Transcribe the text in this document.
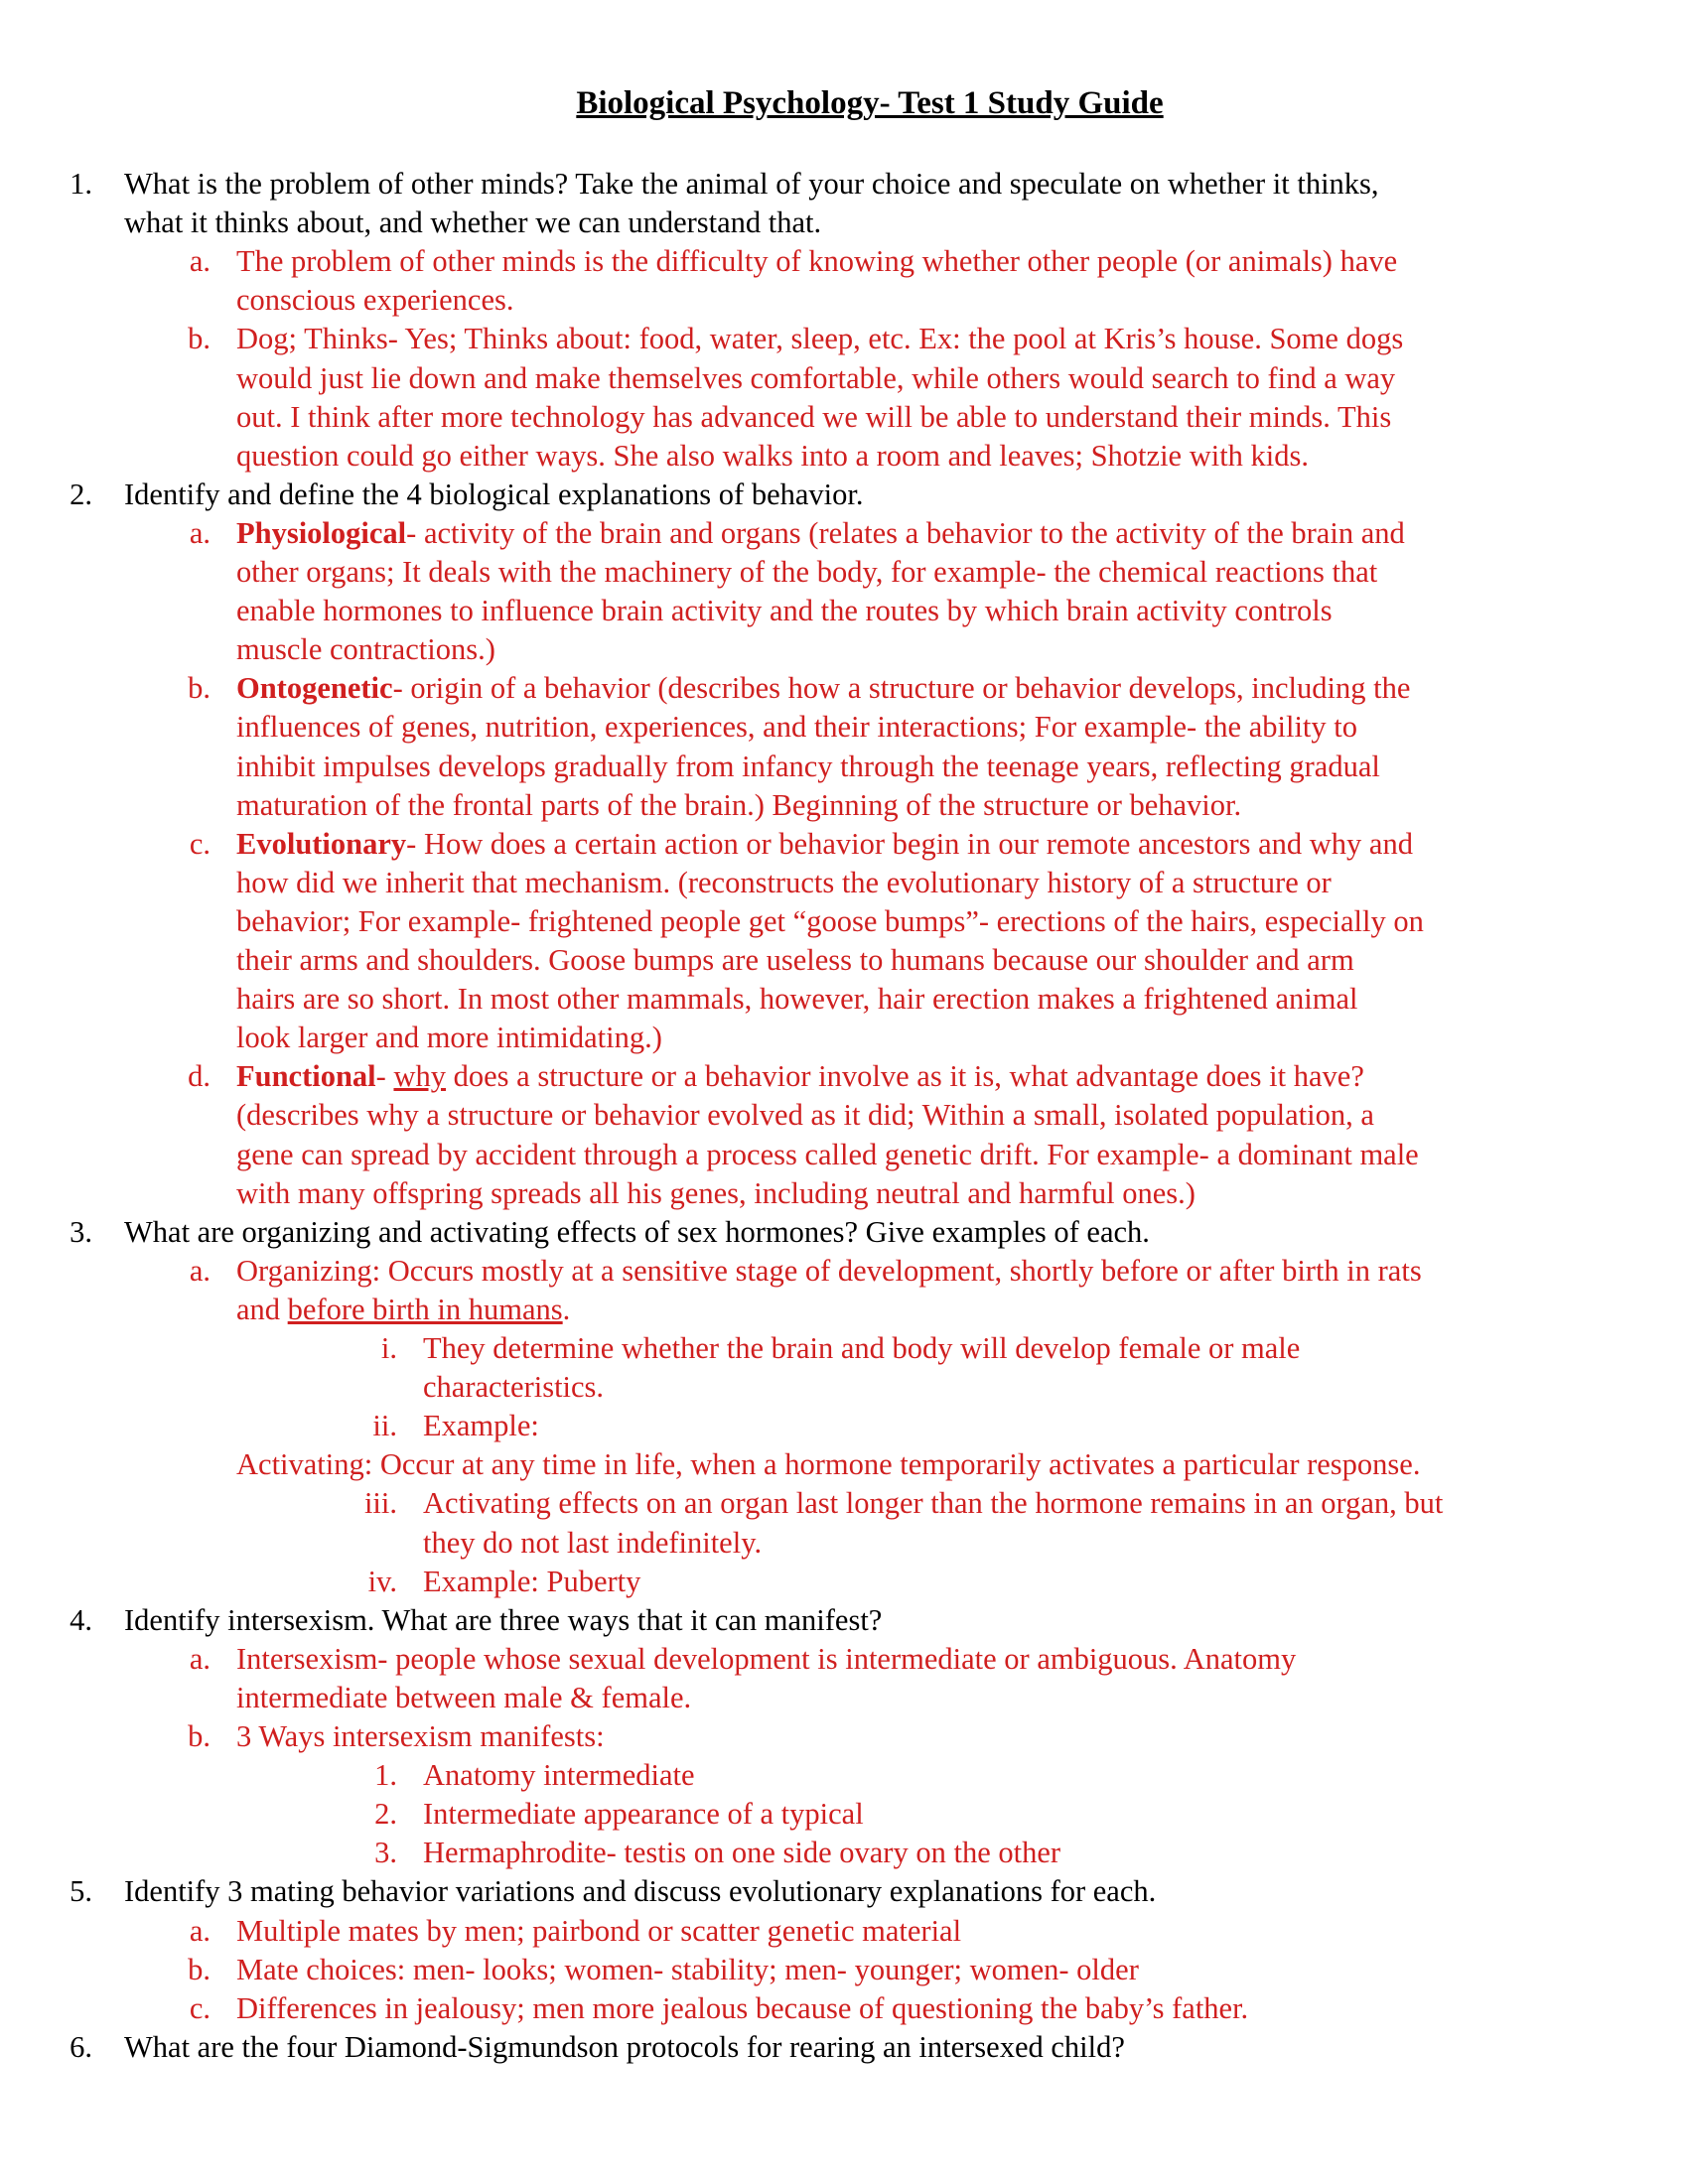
Biological Psychology- Test 1 Study Guide
1. What is the problem of other minds? Take the animal of your choice and speculate on whether it thinks,
what it thinks about, and whether we can understand that.
a. The problem of other minds is the difficulty of knowing whether other people (or animals) have
conscious experiences.
b. Dog; Thinks- Yes; Thinks about: food, water, sleep, etc. Ex: the pool at Kris’s house. Some dogs
would just lie down and make themselves comfortable, while others would search to find a way
out. I think after more technology has advanced we will be able to understand their minds. This
question could go either ways. She also walks into a room and leaves; Shotzie with kids.
2. Identify and define the 4 biological explanations of behavior.
a. Physiological- activity of the brain and organs (relates a behavior to the activity of the brain and
other organs; It deals with the machinery of the body, for example- the chemical reactions that
enable hormones to influence brain activity and the routes by which brain activity controls
muscle contractions.)
b. Ontogenetic- origin of a behavior (describes how a structure or behavior develops, including the
influences of genes, nutrition, experiences, and their interactions; For example- the ability to
inhibit impulses develops gradually from infancy through the teenage years, reflecting gradual
maturation of the frontal parts of the brain.) Beginning of the structure or behavior.
c. Evolutionary- How does a certain action or behavior begin in our remote ancestors and why and
how did we inherit that mechanism. (reconstructs the evolutionary history of a structure or
behavior; For example- frightened people get “goose bumps”- erections of the hairs, especially on
their arms and shoulders. Goose bumps are useless to humans because our shoulder and arm
hairs are so short. In most other mammals, however, hair erection makes a frightened animal
look larger and more intimidating.)
d. Functional- why does a structure or a behavior involve as it is, what advantage does it have?
(describes why a structure or behavior evolved as it did; Within a small, isolated population, a
gene can spread by accident through a process called genetic drift. For example- a dominant male
with many offspring spreads all his genes, including neutral and harmful ones.)
3. What are organizing and activating effects of sex hormones? Give examples of each.
a. Organizing: Occurs mostly at a sensitive stage of development, shortly before or after birth in rats
and before birth in humans.
i. They determine whether the brain and body will develop female or male
characteristics.
ii. Example:
Activating: Occur at any time in life, when a hormone temporarily activates a particular response.
iii. Activating effects on an organ last longer than the hormone remains in an organ, but
they do not last indefinitely.
iv. Example: Puberty
4. Identify intersexism. What are three ways that it can manifest?
a. Intersexism- people whose sexual development is intermediate or ambiguous. Anatomy
intermediate between male & female.
b. 3 Ways intersexism manifests:
1. Anatomy intermediate
2. Intermediate appearance of a typical
3. Hermaphrodite- testis on one side ovary on the other
5. Identify 3 mating behavior variations and discuss evolutionary explanations for each.
a. Multiple mates by men; pairbond or scatter genetic material
b. Mate choices: men- looks; women- stability; men- younger; women- older
c. Differences in jealousy; men more jealous because of questioning the baby’s father.
6. What are the four Diamond-Sigmundson protocols for rearing an intersexed child?
